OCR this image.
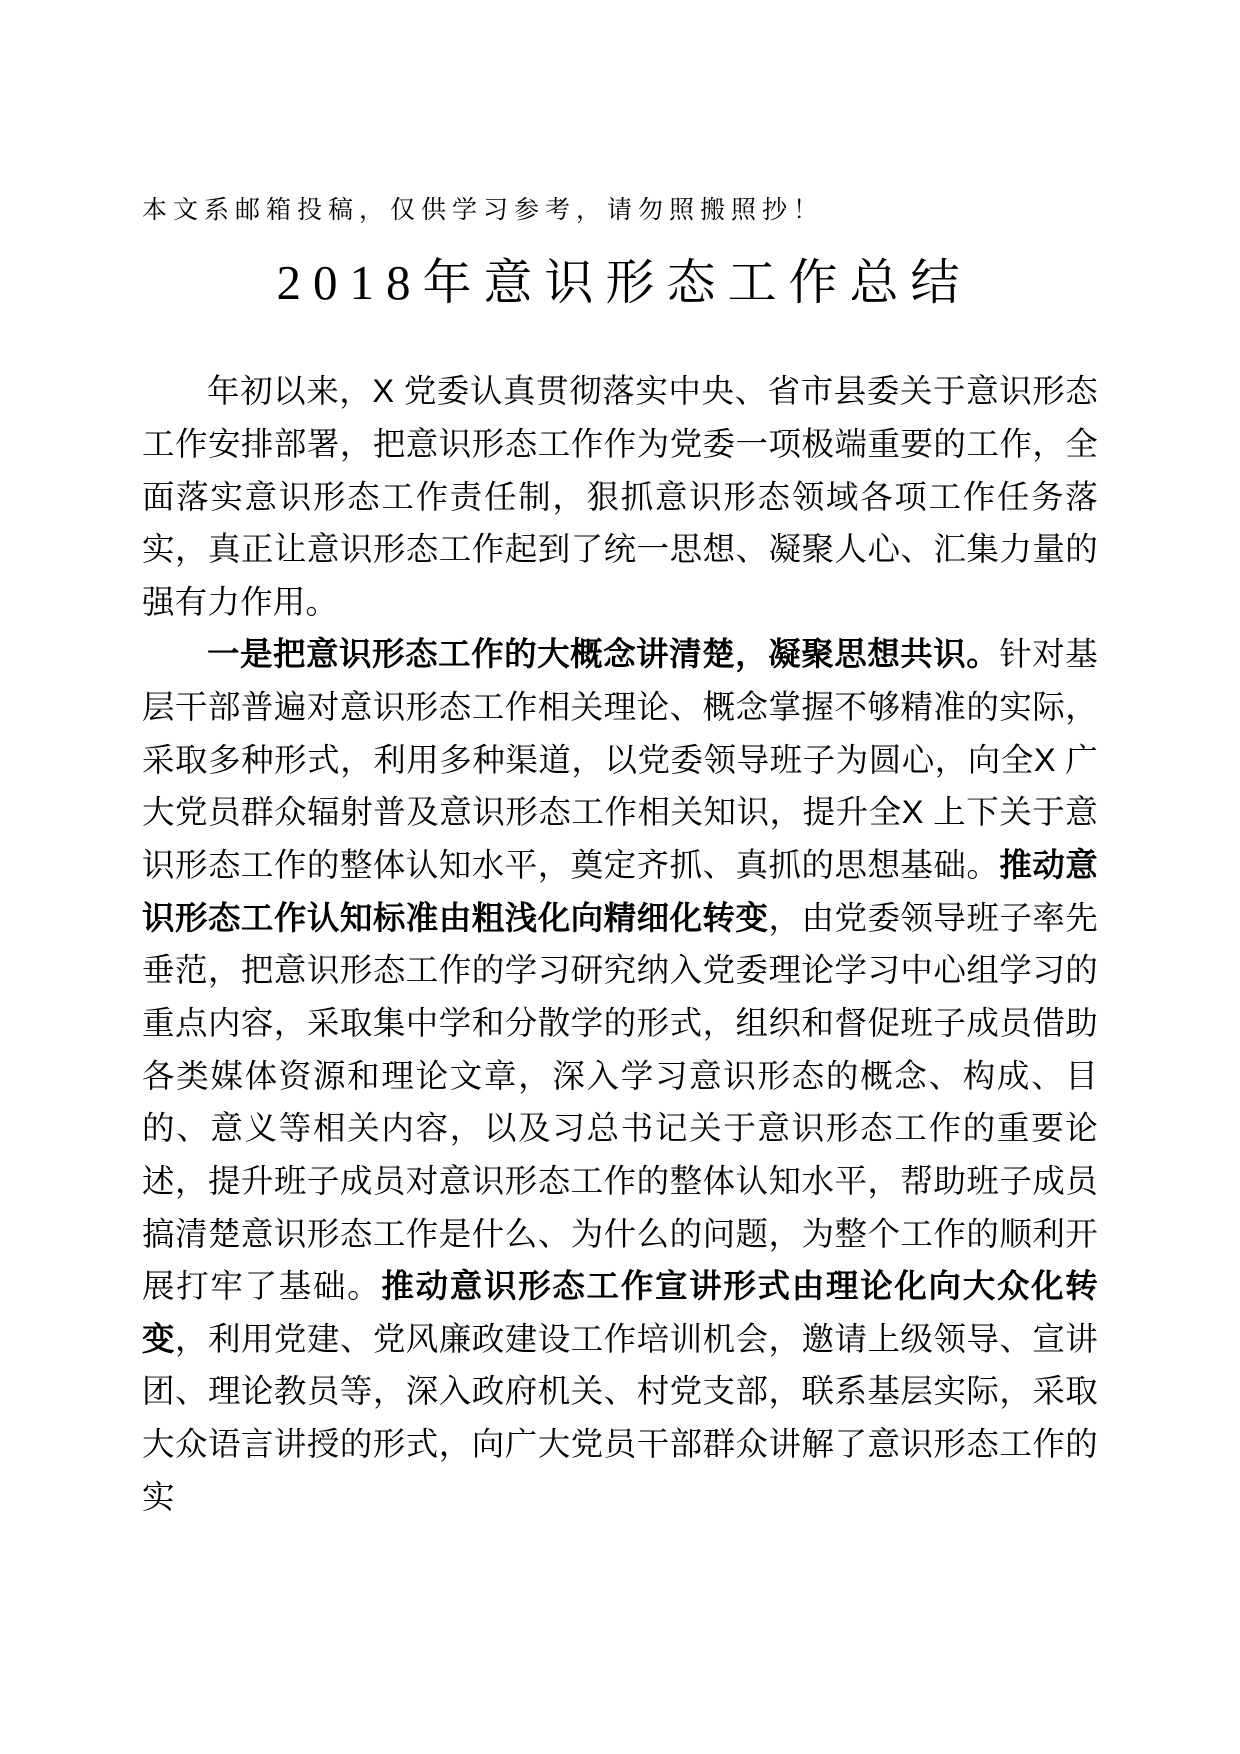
本文系邮箱投稿，仅供学习参考，请勿照搬照抄！
2018年意识形态工作总结

年初以来，X 党委认真贯彻落实中央、省市县委关于意识形态工作安排部署，把意识形态工作作为党委一项极端重要的工作，全面落实意识形态工作责任制，狠抓意识形态领域各项工作任务落实，真正让意识形态工作起到了统一思想、凝聚人心、汇集力量的强有力作用。

一是把意识形态工作的大概念讲清楚，凝聚思想共识。针对基层干部普遍对意识形态工作相关理论、概念掌握不够精准的实际，采取多种形式，利用多种渠道，以党委领导班子为圆心，向全X 广大党员群众辐射普及意识形态工作相关知识，提升全X 上下关于意识形态工作的整体认知水平，奠定齐抓、真抓的思想基础。推动意识形态工作认知标准由粗浅化向精细化转变，由党委领导班子率先垂范，把意识形态工作的学习研究纳入党委理论学习中心组学习的重点内容，采取集中学和分散学的形式，组织和督促班子成员借助各类媒体资源和理论文章，深入学习意识形态的概念、构成、目的、意义等相关内容，以及习总书记关于意识形态工作的重要论述，提升班子成员对意识形态工作的整体认知水平，帮助班子成员搞清楚意识形态工作是什么、为什么的问题，为整个工作的顺利开展打牢了基础。推动意识形态工作宣讲形式由理论化向大众化转变，利用党建、党风廉政建设工作培训机会，邀请上级领导、宣讲团、理论教员等，深入政府机关、村党支部，联系基层实际，采取大众语言讲授的形式，向广大党员干部群众讲解了意识形态工作的实
